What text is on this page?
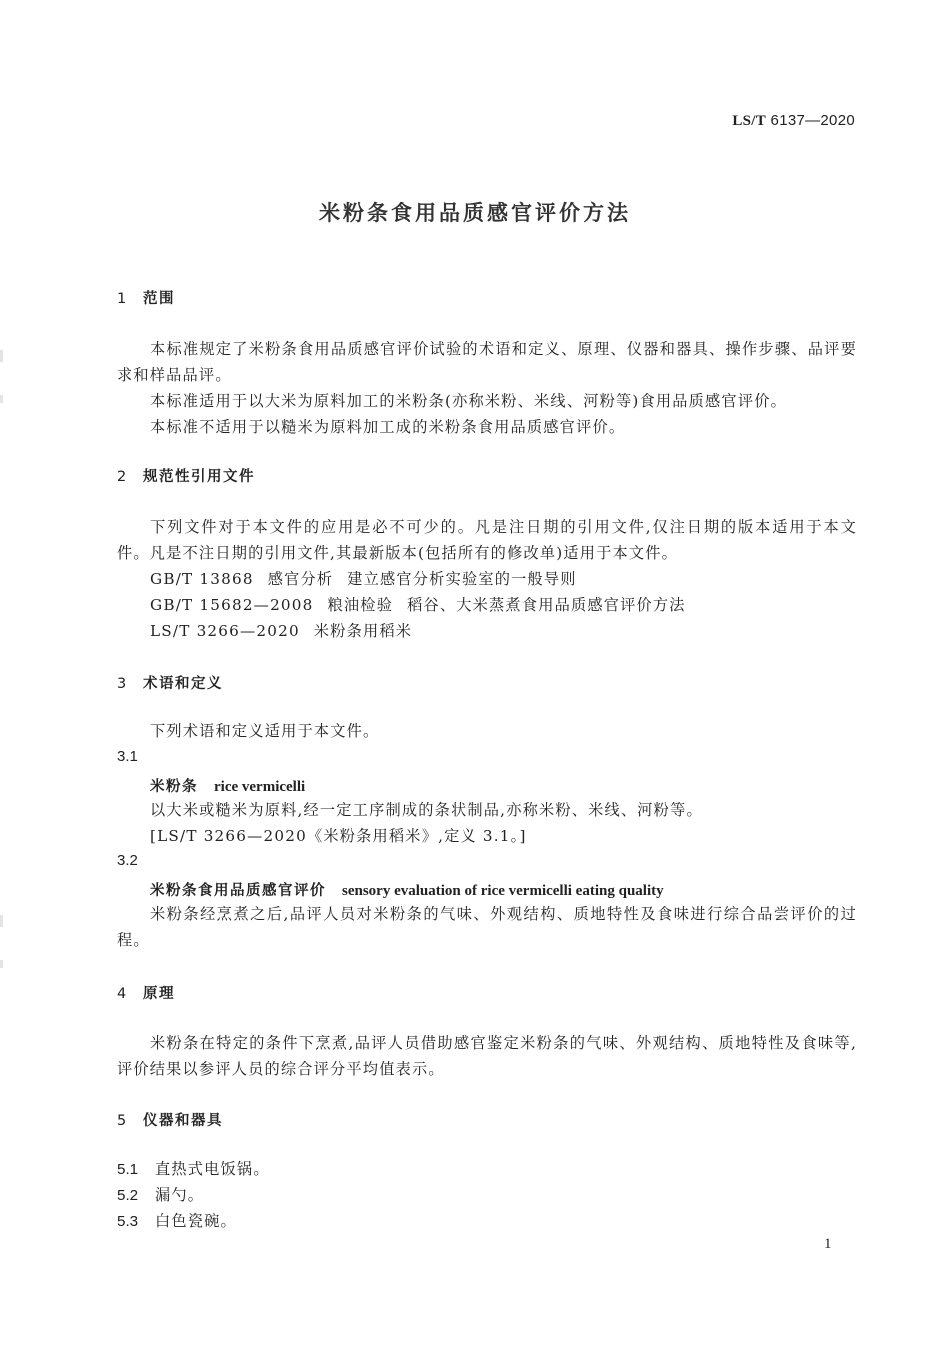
LS/T 6137—2020
米粉条食用品质感官评价方法
1 范围
本标准规定了米粉条食用品质感官评价试验的术语和定义、原理、仪器和器具、操作步骤、品评要求和样品品评。
本标准适用于以大米为原料加工的米粉条(亦称米粉、米线、河粉等)食用品质感官评价。
本标准不适用于以糙米为原料加工成的米粉条食用品质感官评价。
2 规范性引用文件
下列文件对于本文件的应用是必不可少的。凡是注日期的引用文件,仅注日期的版本适用于本文件。凡是不注日期的引用文件,其最新版本(包括所有的修改单)适用于本文件。
GB/T 13868 感官分析 建立感官分析实验室的一般导则
GB/T 15682—2008 粮油检验 稻谷、大米蒸煮食用品质感官评价方法
LS/T 3266—2020 米粉条用稻米
3 术语和定义
下列术语和定义适用于本文件。
3.1
米粉条 rice vermicelli
以大米或糙米为原料,经一定工序制成的条状制品,亦称米粉、米线、河粉等。
[LS/T 3266—2020《米粉条用稻米》,定义 3.1。]
3.2
米粉条食用品质感官评价 sensory evaluation of rice vermicelli eating quality
米粉条经烹煮之后,品评人员对米粉条的气味、外观结构、质地特性及食味进行综合品尝评价的过程。
4 原理
米粉条在特定的条件下烹煮,品评人员借助感官鉴定米粉条的气味、外观结构、质地特性及食味等,评价结果以参评人员的综合评分平均值表示。
5 仪器和器具
5.1 直热式电饭锅。
5.2 漏勺。
5.3 白色瓷碗。
1
